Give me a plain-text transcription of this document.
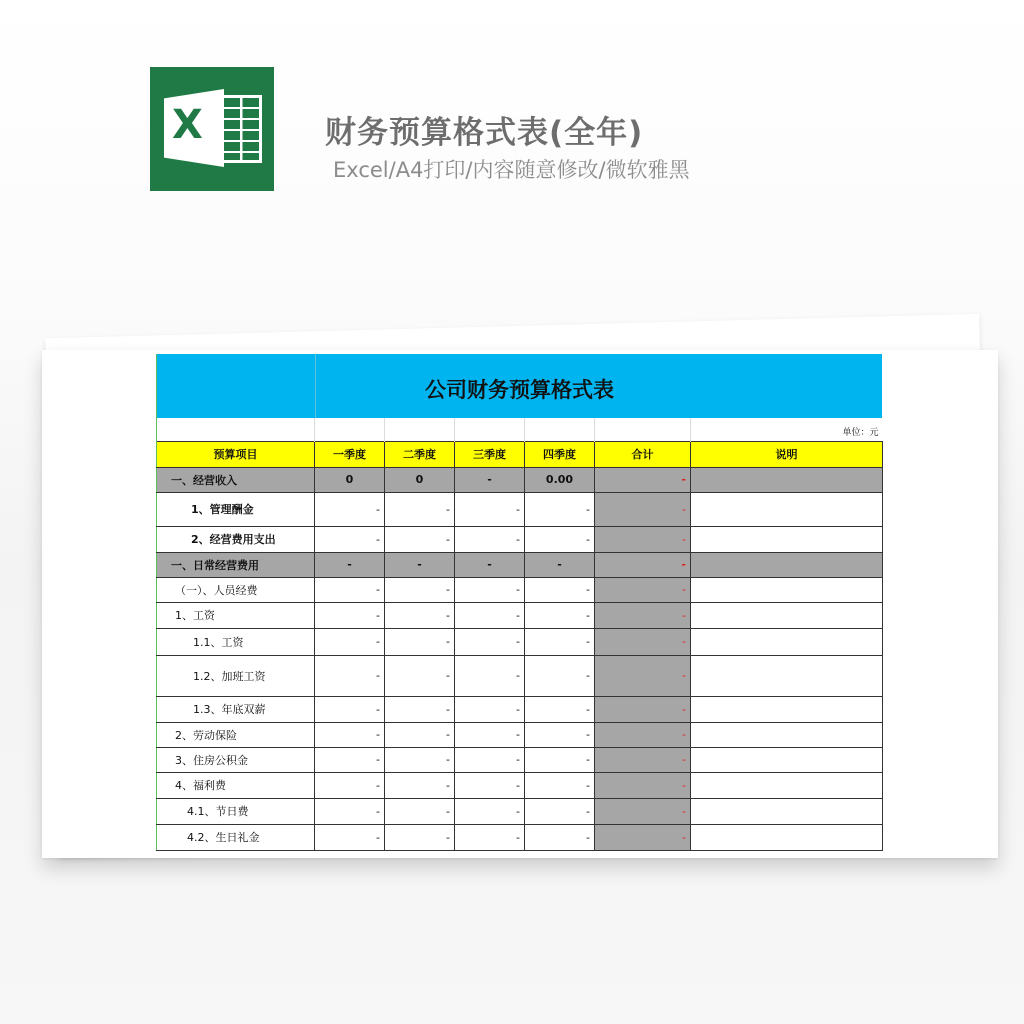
X	财务预算格式表(全年)
Excel/A4打印/内容随意修改/微软雅黑
公司财务预算格式表
						单位：元
预算项目	一季度	二季度	三季度	四季度	合计	说明
一、经营收入	0	0	-	0.00	-	
1、管理酬金	-	-	-	-	-	
2、经营费用支出	-	-	-	-	-	
一、日常经营费用	-	-	-	-	-	
（一）、人员经费	-	-	-	-	-	
1、工资	-	-	-	-	-	
1.1、工资	-	-	-	-	-	
1.2、加班工资	-	-	-	-	-	
1.3、年底双薪	-	-	-	-	-	
2、劳动保险	-	-	-	-	-	
3、住房公积金	-	-	-	-	-	
4、福利费	-	-	-	-	-	
4.1、节日费	-	-	-	-	-	
4.2、生日礼金	-	-	-	-	-	
